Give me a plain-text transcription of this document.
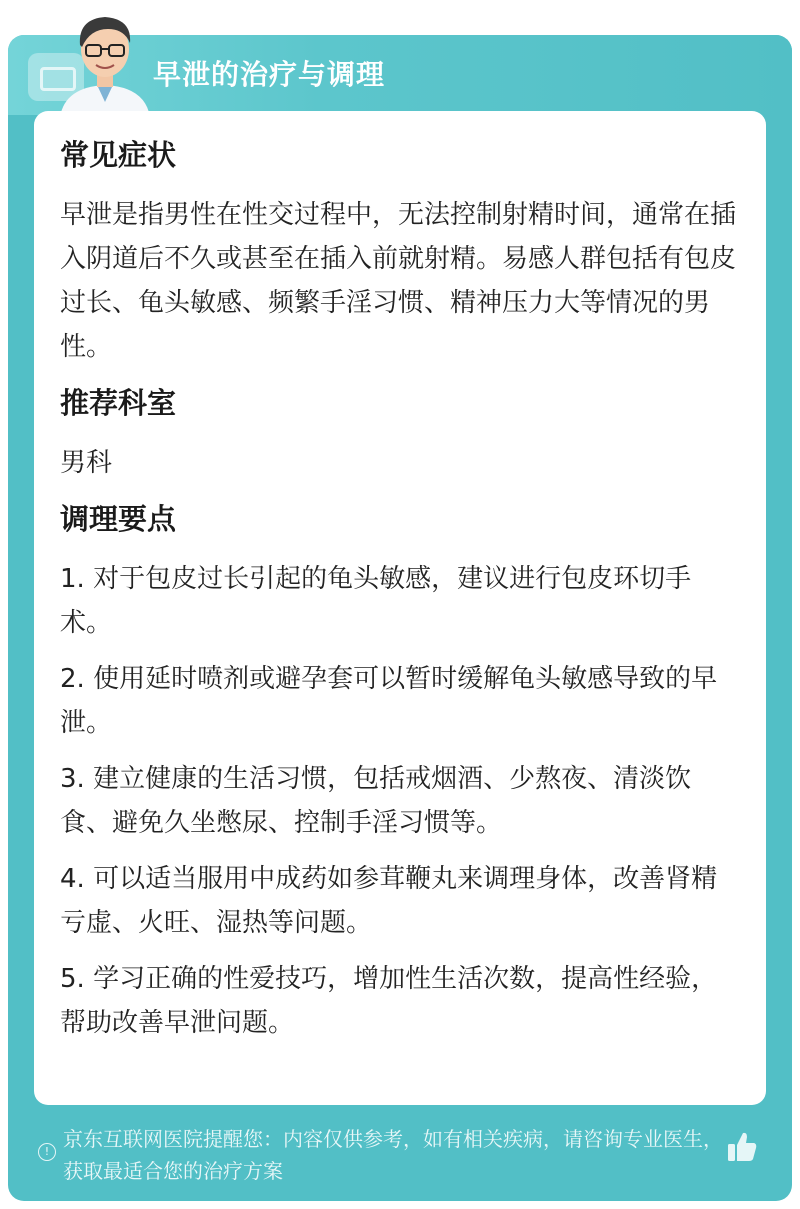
早泄的治疗与调理
常见症状

早泄是指男性在性交过程中，无法控制射精时间，通常在插入阴道后不久或甚至在插入前就射精。易感人群包括有包皮过长、龟头敏感、频繁手淫习惯、精神压力大等情况的男性。

推荐科室

男科

调理要点

1. 对于包皮过长引起的龟头敏感，建议进行包皮环切手术。

2. 使用延时喷剂或避孕套可以暂时缓解龟头敏感导致的早泄。

3. 建立健康的生活习惯，包括戒烟酒、少熬夜、清淡饮食、避免久坐憋尿、控制手淫习惯等。

4. 可以适当服用中成药如参茸鞭丸来调理身体，改善肾精亏虚、火旺、湿热等问题。

5. 学习正确的性爱技巧，增加性生活次数，提高性经验，帮助改善早泄问题。

!
京东互联网医院提醒您：内容仅供参考，如有相关疾病，请咨询专业医生，获取最适合您的治疗方案
